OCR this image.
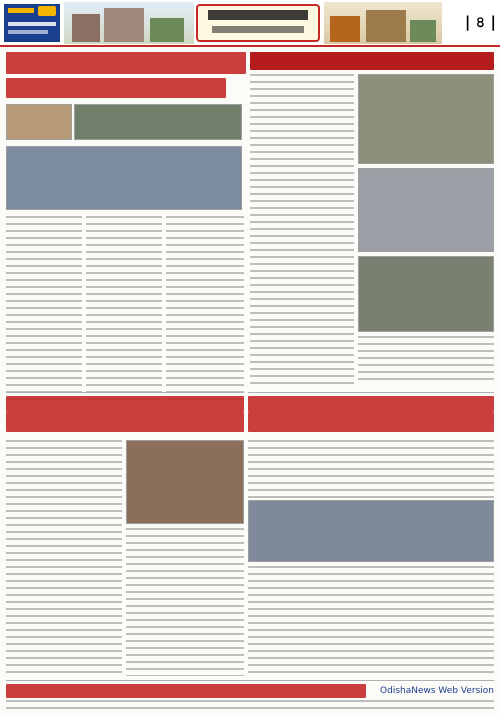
| ৪ |
OdishaNews Web Version
